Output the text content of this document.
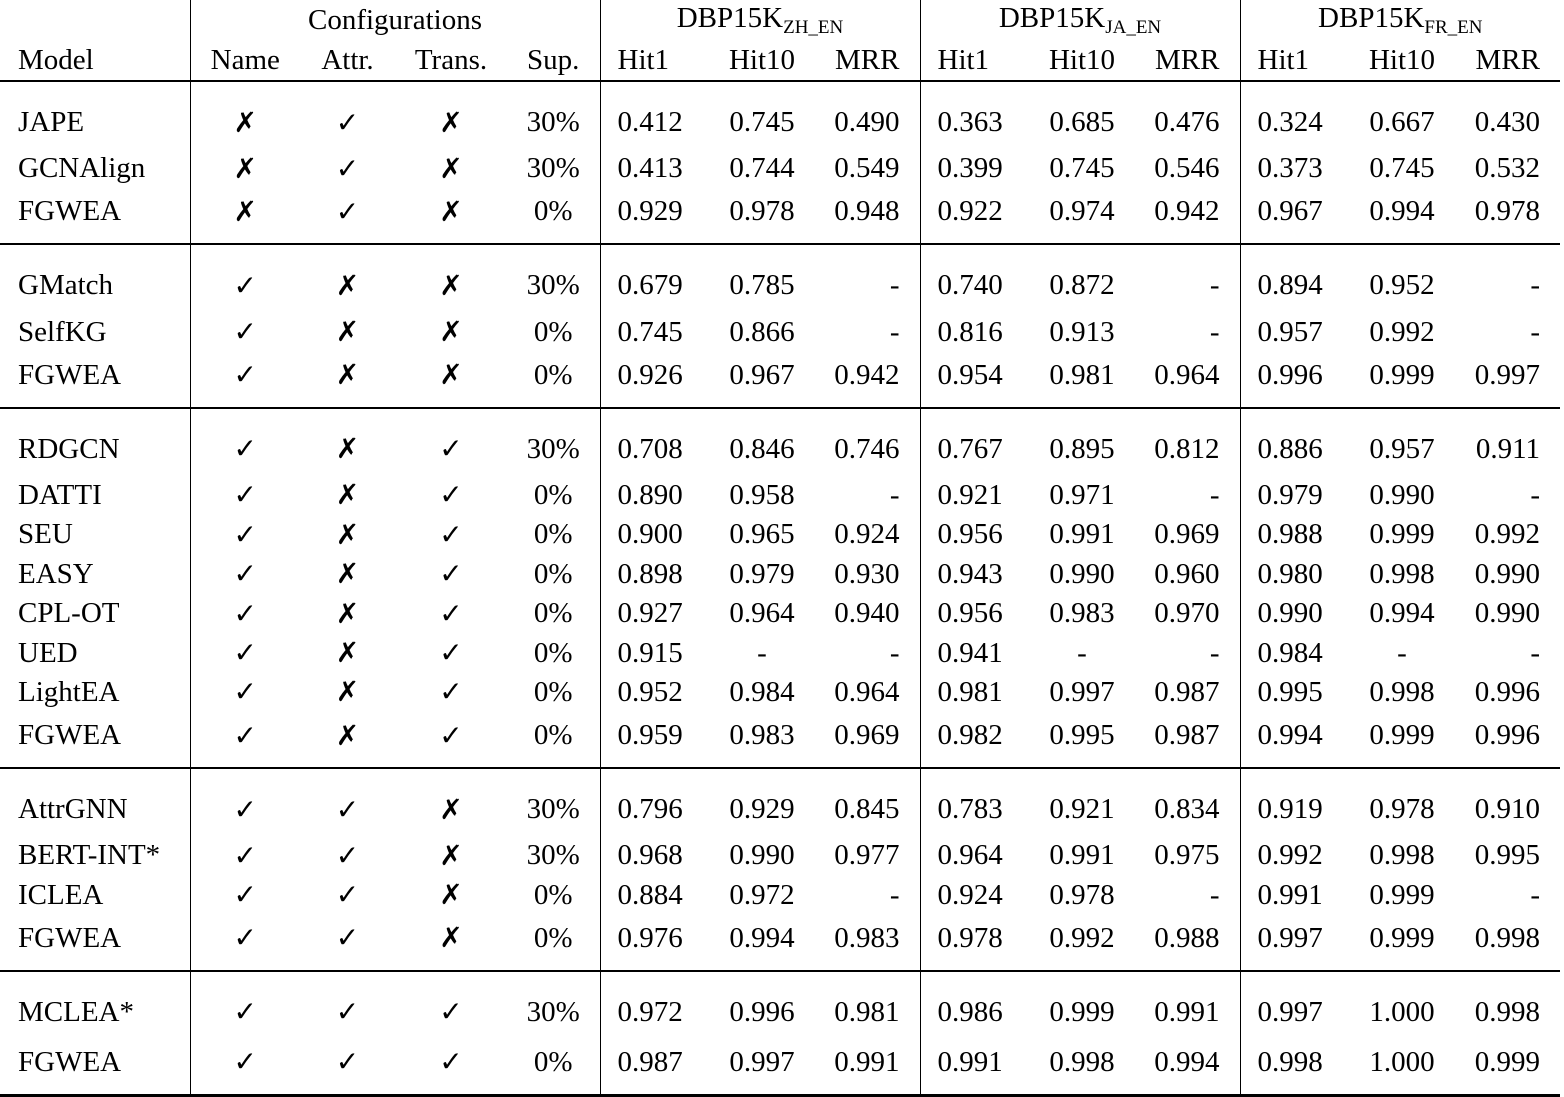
	Configurations				$DBP15K_{ZH\_EN}$			$DBP15K_{JA\_EN}$			$DBP15K_{FR\_EN}$
Model	Name	Attr.	Trans.	Sup.	Hit1	Hit10	MRR	Hit1	Hit10	MRR	Hit1	Hit10	MRR
JAPE	✗	✓	✗	30%	0.412	0.745	0.490	0.363	0.685	0.476	0.324	0.667	0.430
GCNAlign	✗	✓	✗	30%	0.413	0.744	0.549	0.399	0.745	0.546	0.373	0.745	0.532
FGWEA	✗	✓	✗	0%	0.929	0.978	0.948	0.922	0.974	0.942	0.967	0.994	0.978
GMatch	✓	✗	✗	30%	0.679	0.785	-	0.740	0.872	-	0.894	0.952	-
SelfKG	✓	✗	✗	0%	0.745	0.866	-	0.816	0.913	-	0.957	0.992	-
FGWEA	✓	✗	✗	0%	0.926	0.967	0.942	0.954	0.981	0.964	0.996	0.999	0.997
RDGCN	✓	✗	✓	30%	0.708	0.846	0.746	0.767	0.895	0.812	0.886	0.957	0.911
DATTI	✓	✗	✓	0%	0.890	0.958	-	0.921	0.971	-	0.979	0.990	-
SEU	✓	✗	✓	0%	0.900	0.965	0.924	0.956	0.991	0.969	0.988	0.999	0.992
EASY	✓	✗	✓	0%	0.898	0.979	0.930	0.943	0.990	0.960	0.980	0.998	0.990
CPL-OT	✓	✗	✓	0%	0.927	0.964	0.940	0.956	0.983	0.970	0.990	0.994	0.990
UED	✓	✗	✓	0%	0.915	-	-	0.941	-	-	0.984	-	-
LightEA	✓	✗	✓	0%	0.952	0.984	0.964	0.981	0.997	0.987	0.995	0.998	0.996
FGWEA	✓	✗	✓	0%	0.959	0.983	0.969	0.982	0.995	0.987	0.994	0.999	0.996
AttrGNN	✓	✓	✗	30%	0.796	0.929	0.845	0.783	0.921	0.834	0.919	0.978	0.910
BERT-INT*	✓	✓	✗	30%	0.968	0.990	0.977	0.964	0.991	0.975	0.992	0.998	0.995
ICLEA	✓	✓	✗	0%	0.884	0.972	-	0.924	0.978	-	0.991	0.999	-
FGWEA	✓	✓	✗	0%	0.976	0.994	0.983	0.978	0.992	0.988	0.997	0.999	0.998
MCLEA*	✓	✓	✓	30%	0.972	0.996	0.981	0.986	0.999	0.991	0.997	1.000	0.998
FGWEA	✓	✓	✓	0%	0.987	0.997	0.991	0.991	0.998	0.994	0.998	1.000	0.999
